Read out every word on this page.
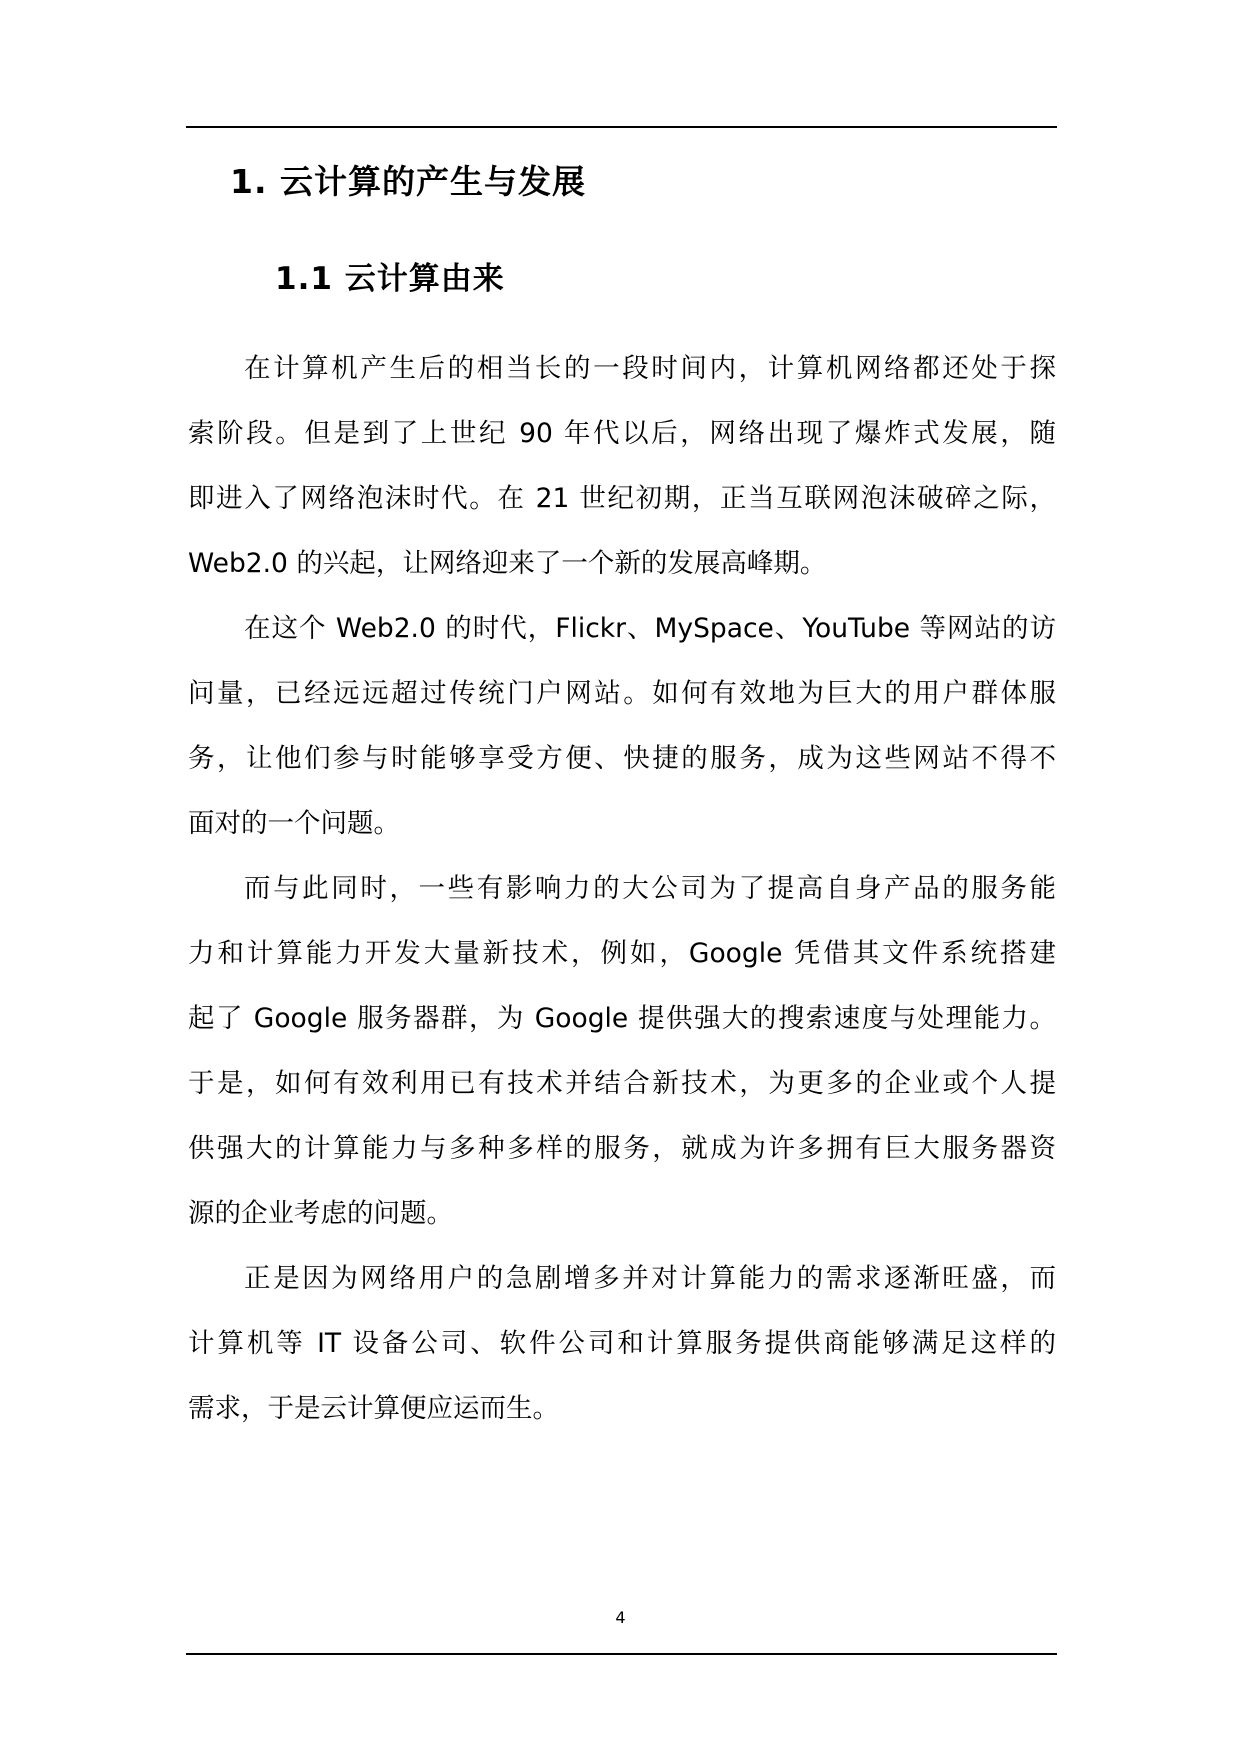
1. 云计算的产生与发展
1.1 云计算由来

在计算机产生后的相当长的一段时间内，计算机网络都还处于探
索阶段。但是到了上世纪 90 年代以后，网络出现了爆炸式发展，随
即进入了网络泡沫时代。在 21 世纪初期，正当互联网泡沫破碎之际，
Web2.0 的兴起，让网络迎来了一个新的发展高峰期。

在这个 Web2.0 的时代，Flickr、MySpace、YouTube 等网站的访
问量，已经远远超过传统门户网站。如何有效地为巨大的用户群体服
务，让他们参与时能够享受方便、快捷的服务，成为这些网站不得不
面对的一个问题。

而与此同时，一些有影响力的大公司为了提高自身产品的服务能
力和计算能力开发大量新技术，例如，Google 凭借其文件系统搭建
起了 Google 服务器群，为 Google 提供强大的搜索速度与处理能力。
于是，如何有效利用已有技术并结合新技术，为更多的企业或个人提
供强大的计算能力与多种多样的服务，就成为许多拥有巨大服务器资
源的企业考虑的问题。

正是因为网络用户的急剧增多并对计算能力的需求逐渐旺盛，而
计算机等 IT 设备公司、软件公司和计算服务提供商能够满足这样的
需求，于是云计算便应运而生。

4
